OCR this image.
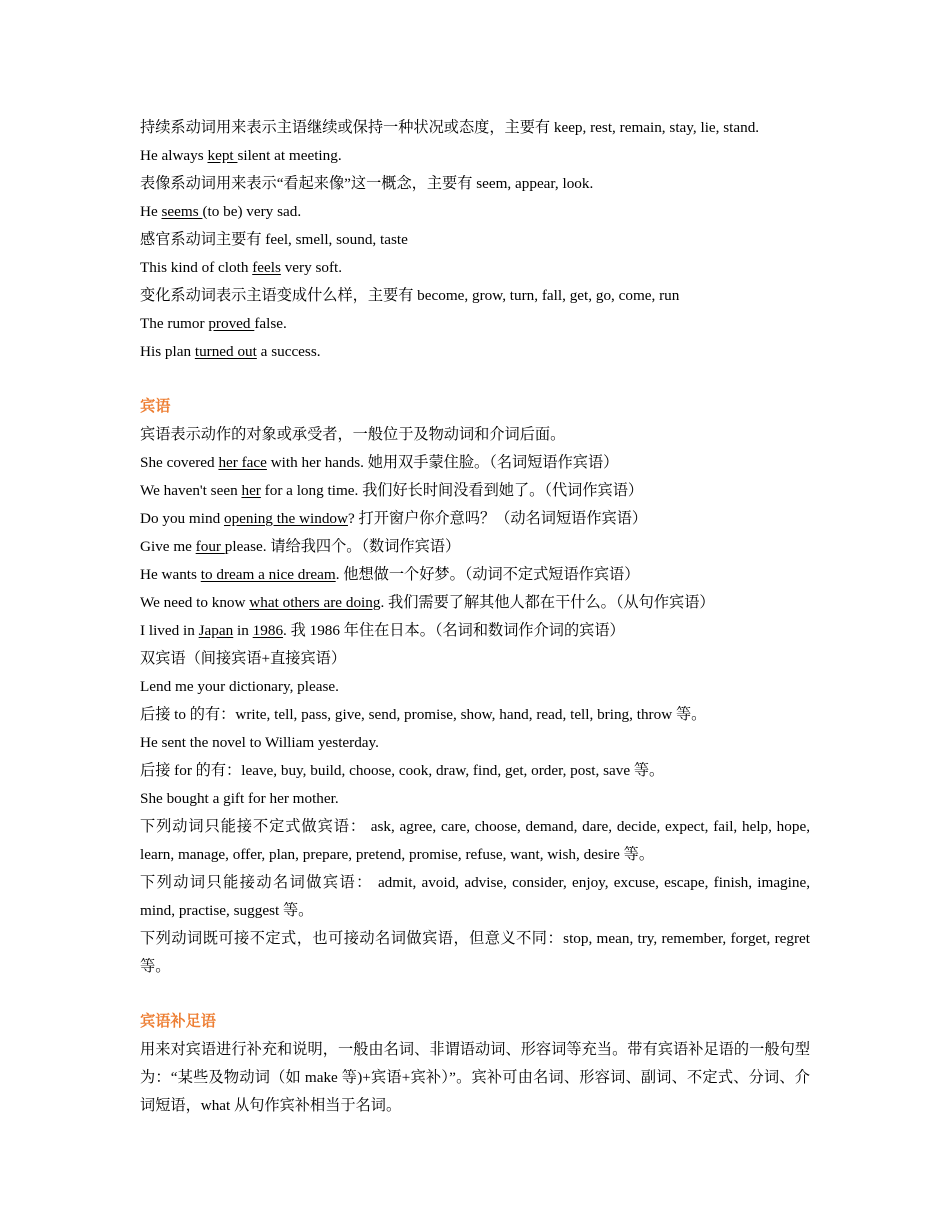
持续系动词用来表示主语继续或保持一种状况或态度，主要有 keep, rest, remain, stay, lie, stand.

He always kept silent at meeting.

表像系动词用来表示“看起来像”这一概念，主要有 seem, appear, look.

He seems (to be) very sad.

感官系动词主要有 feel, smell, sound, taste

This kind of cloth feels very soft.

变化系动词表示主语变成什么样，主要有 become, grow, turn, fall, get, go, come, run

The rumor proved false.

His plan turned out a success.

宾语

宾语表示动作的对象或承受者，一般位于及物动词和介词后面。

She covered her face with her hands. 她用双手蒙住脸。（名词短语作宾语）

We haven't seen her for a long time. 我们好长时间没看到她了。（代词作宾语）

Do you mind opening the window? 打开窗户你介意吗？（动名词短语作宾语）

Give me four please. 请给我四个。（数词作宾语）

He wants to dream a nice dream. 他想做一个好梦。（动词不定式短语作宾语）

We need to know what others are doing. 我们需要了解其他人都在干什么。（从句作宾语）

I lived in Japan in 1986. 我 1986 年住在日本。（名词和数词作介词的宾语）

双宾语（间接宾语+直接宾语）

Lend me your dictionary, please.

后接 to 的有：write, tell, pass, give, send, promise, show, hand, read, tell, bring, throw 等。

He sent the novel to William yesterday.

后接 for 的有：leave, buy, build, choose, cook, draw, find, get, order, post, save 等。

She bought a gift for her mother.

下列动词只能接不定式做宾语： ask, agree, care, choose, demand, dare, decide, expect, fail, help, hope, learn, manage, offer, plan, prepare, pretend, promise, refuse, want, wish, desire 等。

下列动词只能接动名词做宾语： admit, avoid, advise, consider, enjoy, excuse, escape, finish, imagine, mind, practise, suggest 等。

下列动词既可接不定式，也可接动名词做宾语，但意义不同：stop, mean, try, remember, forget, regret 等。

宾语补足语

用来对宾语进行补充和说明，一般由名词、非谓语动词、形容词等充当。带有宾语补足语的一般句型为：“某些及物动词（如 make 等)+宾语+宾补）”。宾补可由名词、形容词、副词、不定式、分词、介词短语，what 从句作宾补相当于名词。
